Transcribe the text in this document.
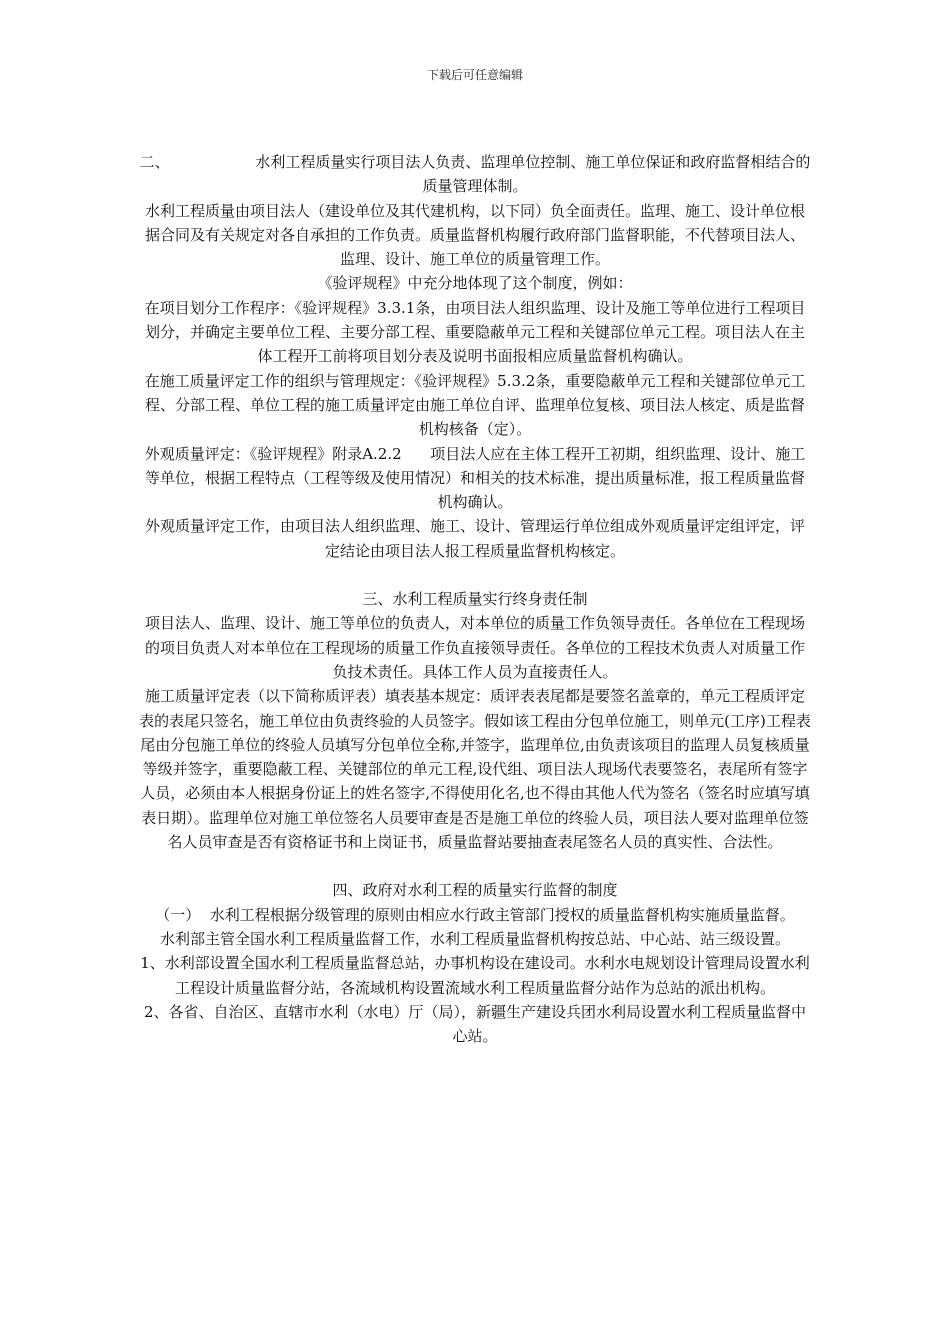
下载后可任意编辑

二、                  水利工程质量实行项目法人负责、监理单位控制、施工单位保证和政府监督相结合的质量管理体制。

水利工程质量由项目法人（建设单位及其代建机构，以下同）负全面责任。监理、施工、设计单位根据合同及有关规定对各自承担的工作负责。质量监督机构履行政府部门监督职能，不代替项目法人、监理、设计、施工单位的质量管理工作。

《验评规程》中充分地体现了这个制度，例如：

在项目划分工作程序：《验评规程》3.3.1条，由项目法人组织监理、设计及施工等单位进行工程项目划分，并确定主要单位工程、主要分部工程、重要隐蔽单元工程和关键部位单元工程。项目法人在主体工程开工前将项目划分表及说明书面报相应质量监督机构确认。

在施工质量评定工作的组织与管理规定：《验评规程》5.3.2条，重要隐蔽单元工程和关键部位单元工程、分部工程、单位工程的施工质量评定由施工单位自评、监理单位复核、项目法人核定、质是监督机构核备（定）。

外观质量评定：《验评规程》附录A.2.2      项目法人应在主体工程开工初期，组织监理、设计、施工等单位，根据工程特点（工程等级及使用情况）和相关的技术标准，提出质量标准，报工程质量监督机构确认。

外观质量评定工作，由项目法人组织监理、施工、设计、管理运行单位组成外观质量评定组评定，评定结论由项目法人报工程质量监督机构核定。

三、水利工程质量实行终身责任制

项目法人、监理、设计、施工等单位的负责人，对本单位的质量工作负领导责任。各单位在工程现场的项目负责人对本单位在工程现场的质量工作负直接领导责任。各单位的工程技术负责人对质量工作负技术责任。具体工作人员为直接责任人。

施工质量评定表（以下简称质评表）填表基本规定：质评表表尾都是要签名盖章的，单元工程质评定表的表尾只签名，施工单位由负责终验的人员签字。假如该工程由分包单位施工，则单元(工序)工程表尾由分包施工单位的终验人员填写分包单位全称,并签字，监理单位,由负责该项目的监理人员复核质量等级并签字，重要隐蔽工程、关键部位的单元工程,设代组、项目法人现场代表要签名，表尾所有签字人员，必须由本人根据身份证上的姓名签字,不得使用化名,也不得由其他人代为签名（签名时应填写填表日期）。监理单位对施工单位签名人员要审查是否是施工单位的终验人员，项目法人要对监理单位签名人员审查是否有资格证书和上岗证书，质量监督站要抽查表尾签名人员的真实性、合法性。

四、政府对水利工程的质量实行监督的制度

（一）  水利工程根据分级管理的原则由相应水行政主管部门授权的质量监督机构实施质量监督。

水利部主管全国水利工程质量监督工作，水利工程质量监督机构按总站、中心站、站三级设置。

1、水利部设置全国水利工程质量监督总站，办事机构设在建设司。水利水电规划设计管理局设置水利工程设计质量监督分站，各流域机构设置流域水利工程质量监督分站作为总站的派出机构。

2、各省、自治区、直辖市水利（水电）厅（局），新疆生产建设兵团水利局设置水利工程质量监督中心站。
